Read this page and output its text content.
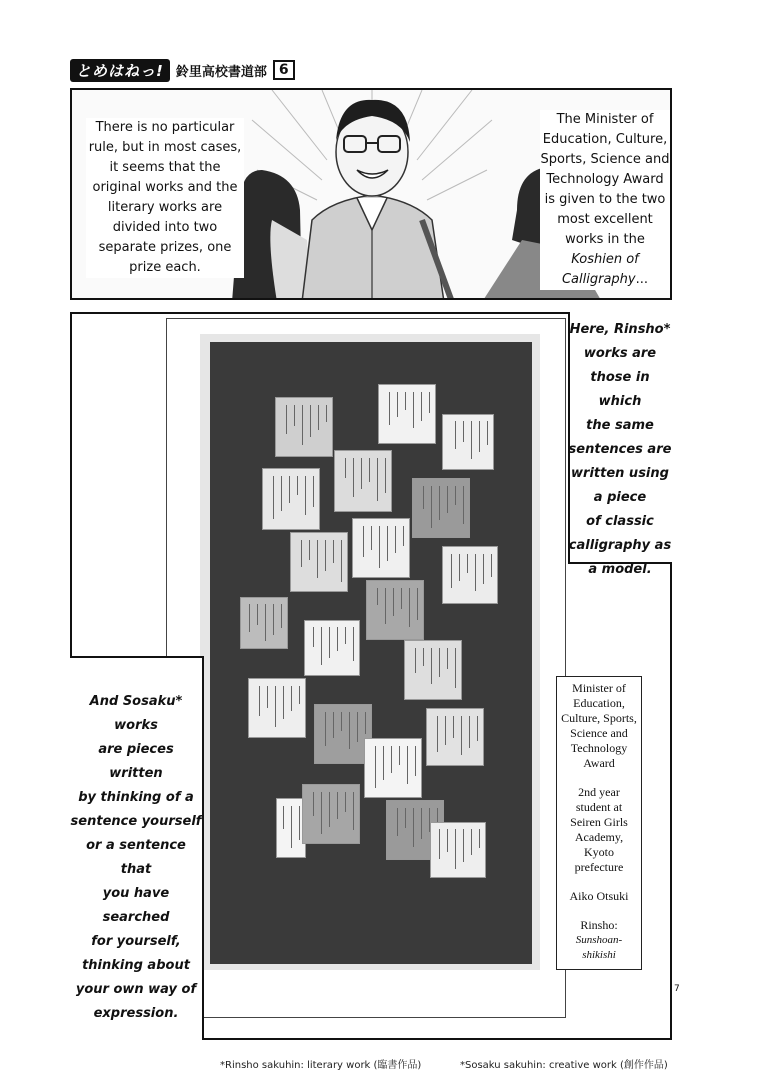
とめはねっ! 鈴里高校書道部 6
There is no particular rule, but in most cases, it seems that the original works and the literary works are divided into two separate prizes, one prize each.
The Minister of Education, Culture, Sports, Science and Technology Award is given to the two most excellent works in the Koshien of Calligraphy...
Here, Rinsho*
works are
those in which
the same
sentences are
written using
a piece
of classic
calligraphy as
a model.
And Sosaku* works
are pieces written
by thinking of a
sentence yourself
or a sentence that
you have searched
for yourself,
thinking about
your own way of
expression.

Minister of
Education,
Culture, Sports,
Science and
Technology
Award

2nd year
student at
Seiren Girls
Academy,
Kyoto
prefecture

Aiko Otsuki

Rinsho:

Sunshoan-
shikishi

7
*Rinsho sakuhin: literary work (臨書作品)	*Sosaku sakuhin: creative work (創作作品)
